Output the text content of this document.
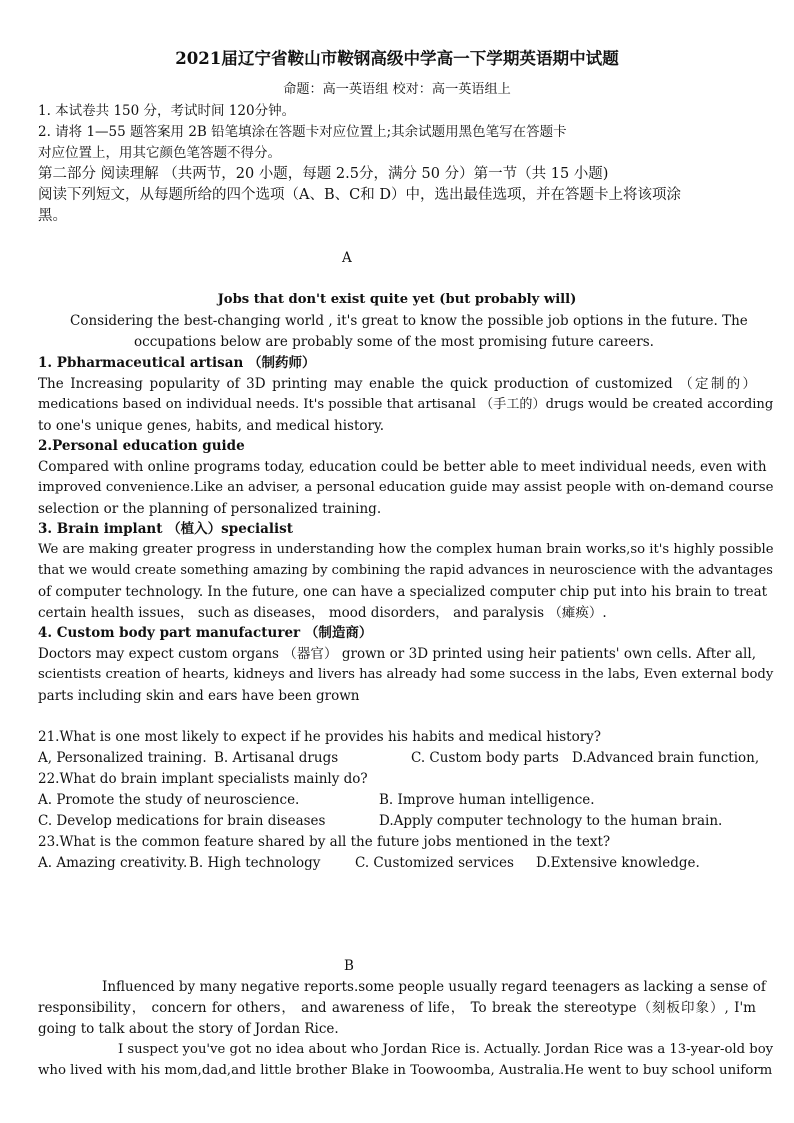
2021届辽宁省鞍山市鞍钢高级中学高一下学期英语期中试题
命题：高一英语组 校对：高一英语组上
1. 本试卷共 150 分，考试时间 120分钟。
2. 请将 1—55 题答案用 2B 铅笔填涂在答题卡对应位置上;其余试题用黑色笔写在答题卡
对应位置上，用其它颜色笔答题不得分。
第二部分 阅读理解 （共两节，20 小题，每题 2.5分，满分 50 分）第一节（共 15 小题)
阅读下列短文，从每题所给的四个选项（A、B、C和 D）中，选出最佳选项，并在答题卡上将该项涂
黑。
A
Jobs that don't exist quite yet (but probably will)
Considering the best-changing world , it's great to know the possible job options in the future. The
occupations below are probably some of the most promising future careers.
1. Pbharmaceutical artisan （制药师）
The Increasing popularity of 3D printing may enable the quick production of customized （定制的）
medications based on individual needs. It's possible that artisanal （手工的）drugs would be created according
to one's unique genes, habits, and medical history.
2.Personal education guide
Compared with online programs today, education could be better able to meet individual needs, even with
improved convenience.Like an adviser, a personal education guide may assist people with on-demand course
selection or the planning of personalized training.
3. Brain implant （植入）specialist
We are making greater progress in understanding how the complex human brain works,so it's highly possible
that we would create something amazing by combining the rapid advances in neuroscience with the advantages
of computer technology. In the future, one can have a specialized computer chip put into his brain to treat
certain health issues， such as diseases， mood disorders， and paralysis （瘫痪）.
4. Custom body part manufacturer （制造商）
Doctors may expect custom organs （器官） grown or 3D printed using heir patients' own cells. After all,
scientists creation of hearts, kidneys and livers has already had some success in the labs, Even external body
parts including skin and ears have been grown
21.What is one most likely to expect if he provides his habits and medical history?
A, Personalized training. B. Artisanal drugs	C. Custom body parts D.Advanced brain function,
22.What do brain implant specialists mainly do?
A. Promote the study of neuroscience.	B. Improve human intelligence.
C. Develop medications for brain diseases	D.Apply computer technology to the human brain.
23.What is the common feature shared by all the future jobs mentioned in the text?
A. Amazing creativity. B. High technology	C. Customized services D.Extensive knowledge.
B
Influenced by many negative reports.some people usually regard teenagers as lacking a sense of
responsibility， concern for others， and awareness of life， To break the stereotype（刻板印象）, I'm
going to talk about the story of Jordan Rice.
I suspect you've got no idea about who Jordan Rice is. Actually. Jordan Rice was a 13-year-old boy
who lived with his mom,dad,and little brother Blake in Toowoomba, Australia.He went to buy school uniform
